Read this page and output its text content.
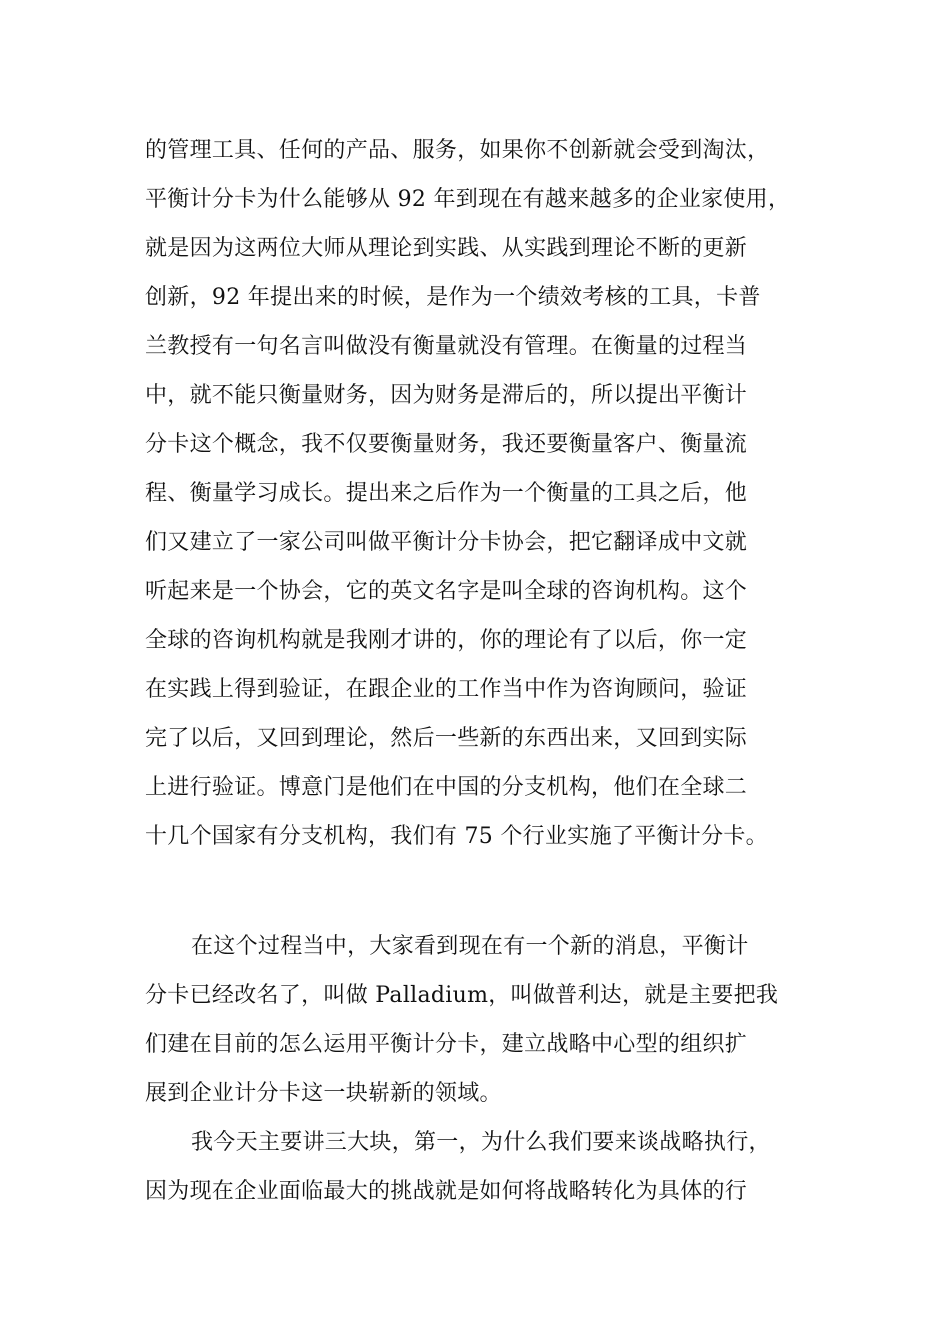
的管理工具、任何的产品、服务，如果你不创新就会受到淘汰，
平衡计分卡为什么能够从 92 年到现在有越来越多的企业家使用，
就是因为这两位大师从理论到实践、从实践到理论不断的更新
创新，92 年提出来的时候，是作为一个绩效考核的工具，卡普
兰教授有一句名言叫做没有衡量就没有管理。在衡量的过程当
中，就不能只衡量财务，因为财务是滞后的，所以提出平衡计
分卡这个概念，我不仅要衡量财务，我还要衡量客户、衡量流
程、衡量学习成长。提出来之后作为一个衡量的工具之后，他
们又建立了一家公司叫做平衡计分卡协会，把它翻译成中文就
听起来是一个协会，它的英文名字是叫全球的咨询机构。这个
全球的咨询机构就是我刚才讲的，你的理论有了以后，你一定
在实践上得到验证，在跟企业的工作当中作为咨询顾问，验证
完了以后，又回到理论，然后一些新的东西出来，又回到实际
上进行验证。博意门是他们在中国的分支机构，他们在全球二
十几个国家有分支机构，我们有 75 个行业实施了平衡计分卡。
在这个过程当中，大家看到现在有一个新的消息，平衡计
分卡已经改名了，叫做 Palladium，叫做普利达，就是主要把我
们建在目前的怎么运用平衡计分卡，建立战略中心型的组织扩
展到企业计分卡这一块崭新的领域。
我今天主要讲三大块，第一，为什么我们要来谈战略执行，
因为现在企业面临最大的挑战就是如何将战略转化为具体的行
